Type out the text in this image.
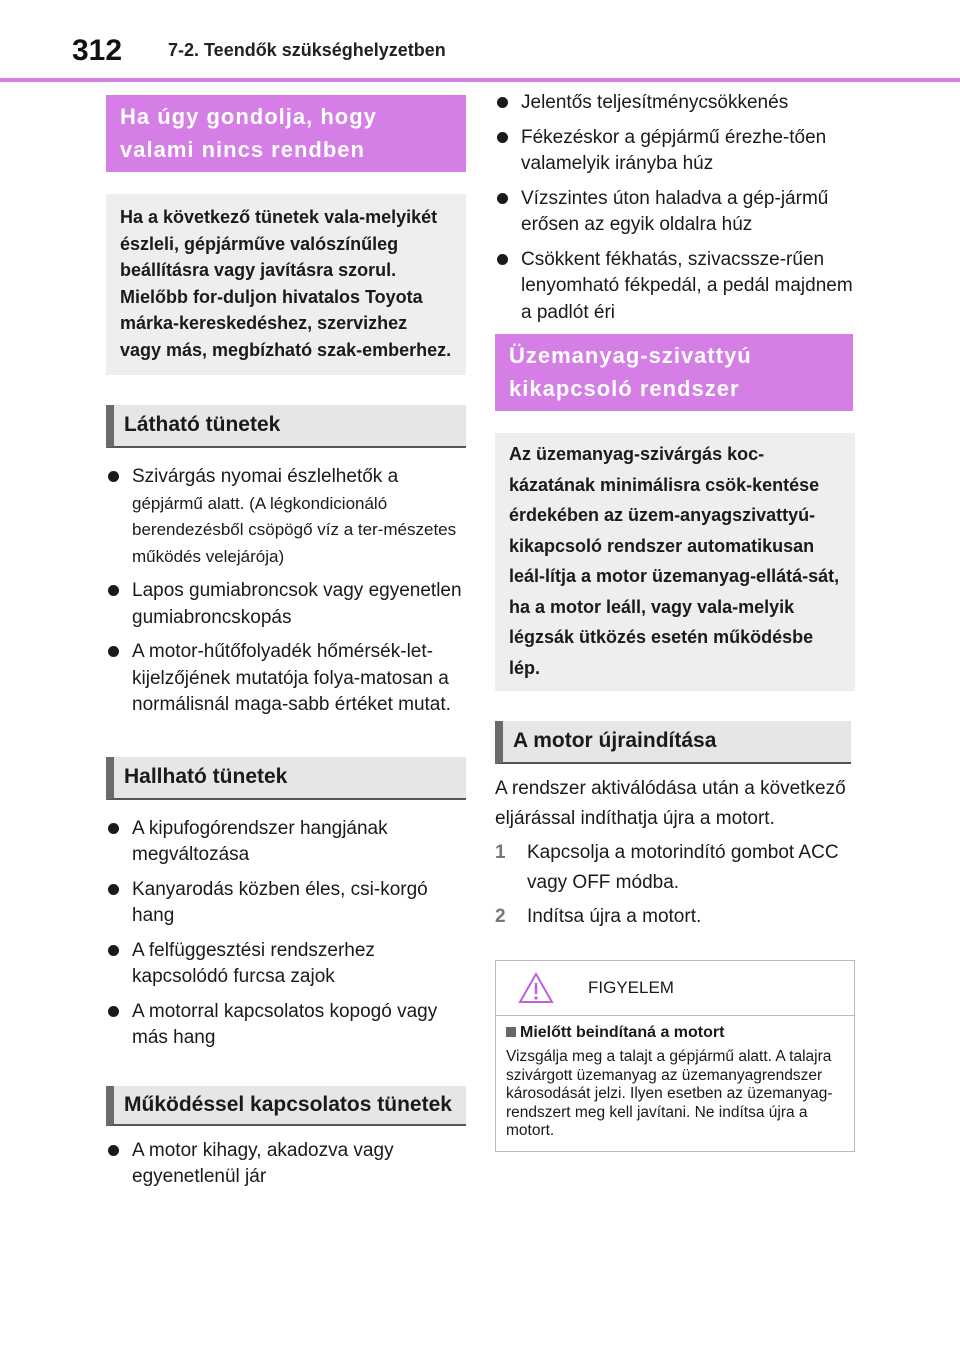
312	7-2. Teendők szükséghelyzetben
Ha úgy gondolja, hogy valami nincs rendben
Ha a következő tünetek vala-melyikét észleli, gépjárműve valószínűleg beállításra vagy javításra szorul. Mielőbb for-duljon hivatalos Toyota márka-kereskedéshez, szervizhez vagy más, megbízható szak-emberhez.
Látható tünetek
Szivárgás nyomai észlelhetők a gépjármű alatt. (A légkondicionáló berendezésből csöpögő víz a ter-mészetes működés velejárója)
Lapos gumiabroncsok vagy egyenetlen gumiabroncskopás
A motor-hűtőfolyadék hőmérsék-let-kijelzőjének mutatója folya-matosan a normálisnál maga-sabb értéket mutat.
Hallható tünetek
A kipufogórendszer hangjának megváltozása
Kanyarodás közben éles, csi-korgó hang
A felfüggesztési rendszerhez kapcsolódó furcsa zajok
A motorral kapcsolatos kopogó vagy más hang
Működéssel kapcsolatos tünetek
A motor kihagy, akadozva vagy egyenetlenül jár
Jelentős teljesítménycsökkenés
Fékezéskor a gépjármű érezhe-tően valamelyik irányba húz
Vízszintes úton haladva a gép-jármű erősen az egyik oldalra húz
Csökkent fékhatás, szivacssze-rűen lenyomható fékpedál, a pedál majdnem a padlót éri
Üzemanyag-szivattyú kikapcsoló rendszer
Az üzemanyag-szivárgás koc-kázatának minimálisra csök-kentése érdekében az üzem-anyagszivattyú-kikapcsoló rendszer automatikusan leál-lítja a motor üzemanyag-ellátá-sát, ha a motor leáll, vagy vala-melyik légzsák ütközés esetén működésbe lép.
A motor újraindítása
A rendszer aktiválódása után a következő eljárással indíthatja újra a motort.
1 Kapcsolja a motorindító gombot ACC vagy OFF módba.
2 Indítsa újra a motort.
FIGYELEM
Mielőtt beindítaná a motort
Vizsgálja meg a talajt a gépjármű alatt. A talajra szivárgott üzemanyag az üzemanyagrendszer károsodását jelzi. Ilyen esetben az üzemanyag-rendszert meg kell javítani. Ne indítsa újra a motort.
